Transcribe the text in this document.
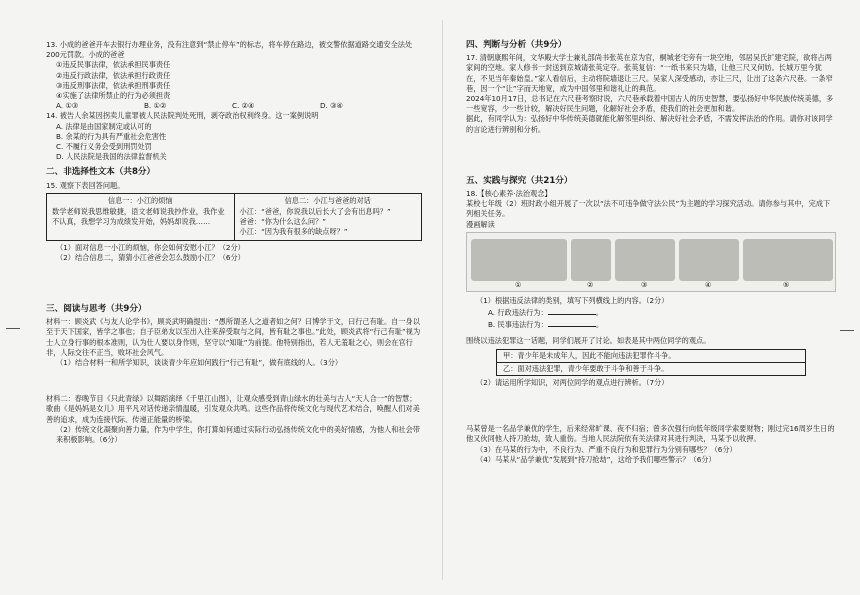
13. 小成的爸爸开车去银行办理业务，没有注意到“禁止停车”的标志，将车停在路边，被交警依据道路交通安全法处200元罚款。小成的爸爸
①违反民事法律，依法承担民事责任
②违反行政法律，依法承担行政责任
③违反刑事法律，依法承担刑事责任
④实施了法律所禁止的行为必须担责
A. ①③	B. ①②	C. ②④	D. ③④
14. 被告人余某因拐卖儿童罪被人民法院判处死刑，剥夺政治权利终身。这一案例说明
A. 法律是由国家制定或认可的
B. 余某的行为具有严重社会危害性
C. 不履行义务会受到刑罚处罚
D. 人民法院是我国的法律监督机关
二、非选择性文本（共8分）
15. 观察下表回答问题。
信息一：小江的烦恼
数学老师说我思维敏捷，语文老师说我抄作业，我作业不认真，我想学习为成绩发开始，妈妈却说我……
信息二：小江与爸爸的对话
小江：“爸爸，你说我以后长大了会有出息吗？”
爸爸：“你为什么这么问？”
小江：“因为我有很多的缺点呀？”
（1）面对信息一小江的烦恼，你会如何安慰小江？（2分）
（2）结合信息二，猜猜小江爸爸会怎么鼓励小江？（6分）
三、阅读与思考（共9分）
材料一：顾炎武《与友人论学书》，顾炎武明确提出：“愚所谓圣人之道者如之何？曰博学于文，曰行己有耻。自一身以至于天下国家，皆学之事也；自子臣弟友以至出入往来辞受取与之间，皆有耻之事也。”此处，顾炎武将“行己有耻”视为士人立身行事的根本准则，认为仕人要以身作则，坚守以“知耻”为前提。他特别指出，若人无羞耻之心，则会在官行非，人际交往不正当，败坏社会风气。
（1）结合材料一和所学知识，谈谈青少年应如何践行“行己有耻”，做有底线的人。（3分）
材料二：春晚节目《只此青绿》以舞蹈演绎《千里江山图》，让观众感受到青山绿水的壮美与古人“天人合一”的智慧；歌曲《是妈妈是女儿》用平凡对话传递亲情温暖，引发观众共鸣。这些作品将传统文化与现代艺术结合，唤醒人们对美善的追求，成为连接代际、传递正能量的桥梁。
（2）传统文化凝聚向善力量，作为中学生，你打算如何通过实际行动弘扬传统文化中的美好情感，为他人和社会带来积极影响。（6分）
四、判断与分析（共9分）
17. 清朝康熙年间，文华殿大学士兼礼部尚书张英在京为官，桐城老宅旁有一块空地，邻居吴氏扩建宅院，欲将占两家间的空地。家人修书一封送到京城请张英定夺。张英复信：“一纸书来只为墙，让他三尺又何妨。长城万里今犹在，不见当年秦始皇。”家人看信后，主动将院墙退让三尺。吴家人深受感动，亦让三尺，让出了这条六尺巷。一条窄巷，因一个“让”字而天地宽，成为中国邻里和谐礼让的典范。
2024年10月17日，总书记在六尺巷考察时说，六尺巷承载着中国古人的历史智慧，要弘扬好中华民族传统美德，多一些宽容，少一些计较，解决好民生问题，化解好社会矛盾，使我们的社会更加和谐。
据此，有同学认为：弘扬好中华传统美德就能化解邻里纠纷、解决好社会矛盾，不需发挥法治的作用。请你对该同学的言论进行辨别和分析。
五、实践与探究（共21分）
18.【核心素养·法治观念】
某校七年级（2）班时政小组开展了一次以“法不可违争做守法公民”为主题的学习探究活动。请你参与其中，完成下列相关任务。
漫画解读
①	②	③	④	⑤
（1）根据违反法律的类别，填写下列横线上的内容。（2分）
A. 行政违法行为：	。
B. 民事违法行为：	。
围绕以违法犯罪这一话题，同学们展开了讨论。如表是其中两位同学的观点。
甲：青少年是未成年人，因此不能向违法犯罪作斗争。
乙：面对违法犯罪，青少年要敢于斗争和善于斗争。
（2）请运用所学知识，对两位同学的观点进行辨析。（7分）
马某曾是一名品学兼优的学生，后来经常旷课、夜不归宿；曾多次强行向低年级同学索要财物；刚过完16周岁生日的他又伙同他人持刀抢劫，致人重伤。当地人民法院依有关法律对其进行判决，马某予以收押。
（3）在马某的行为中，不良行为、严重不良行为和犯罪行为分别有哪些？（6分）
（4）马某从“品学兼优”发展到“持刀抢劫”，这给予我们哪些警示？（6分）
